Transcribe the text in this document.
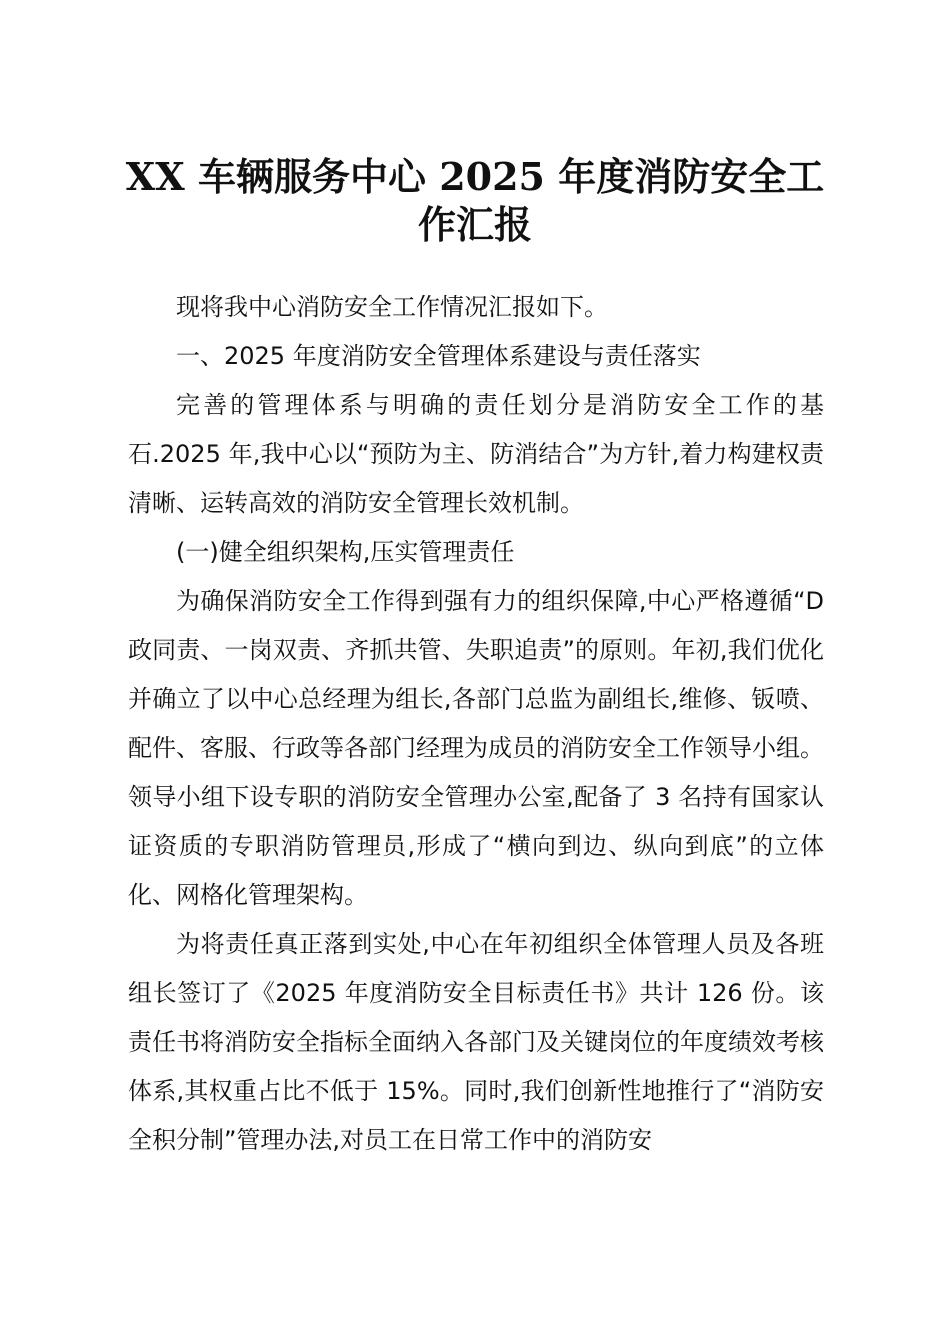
XX 车辆服务中心 2025 年度消防安全工作汇报

现将我中心消防安全工作情况汇报如下。

一、2025 年度消防安全管理体系建设与责任落实

完善的管理体系与明确的责任划分是消防安全工作的基石.2025 年,我中心以“预防为主、防消结合”为方针,着力构建权责清晰、运转高效的消防安全管理长效机制。

(一)健全组织架构,压实管理责任

为确保消防安全工作得到强有力的组织保障,中心严格遵循“D 政同责、一岗双责、齐抓共管、失职追责”的原则。年初,我们优化并确立了以中心总经理为组长,各部门总监为副组长,维修、钣喷、配件、客服、行政等各部门经理为成员的消防安全工作领导小组。领导小组下设专职的消防安全管理办公室,配备了 3 名持有国家认证资质的专职消防管理员,形成了“横向到边、纵向到底”的立体化、网格化管理架构。

为将责任真正落到实处,中心在年初组织全体管理人员及各班组长签订了《2025 年度消防安全目标责任书》共计 126 份。该责任书将消防安全指标全面纳入各部门及关键岗位的年度绩效考核体系,其权重占比不低于 15%。同时,我们创新性地推行了“消防安全积分制”管理办法,对员工在日常工作中的消防安
